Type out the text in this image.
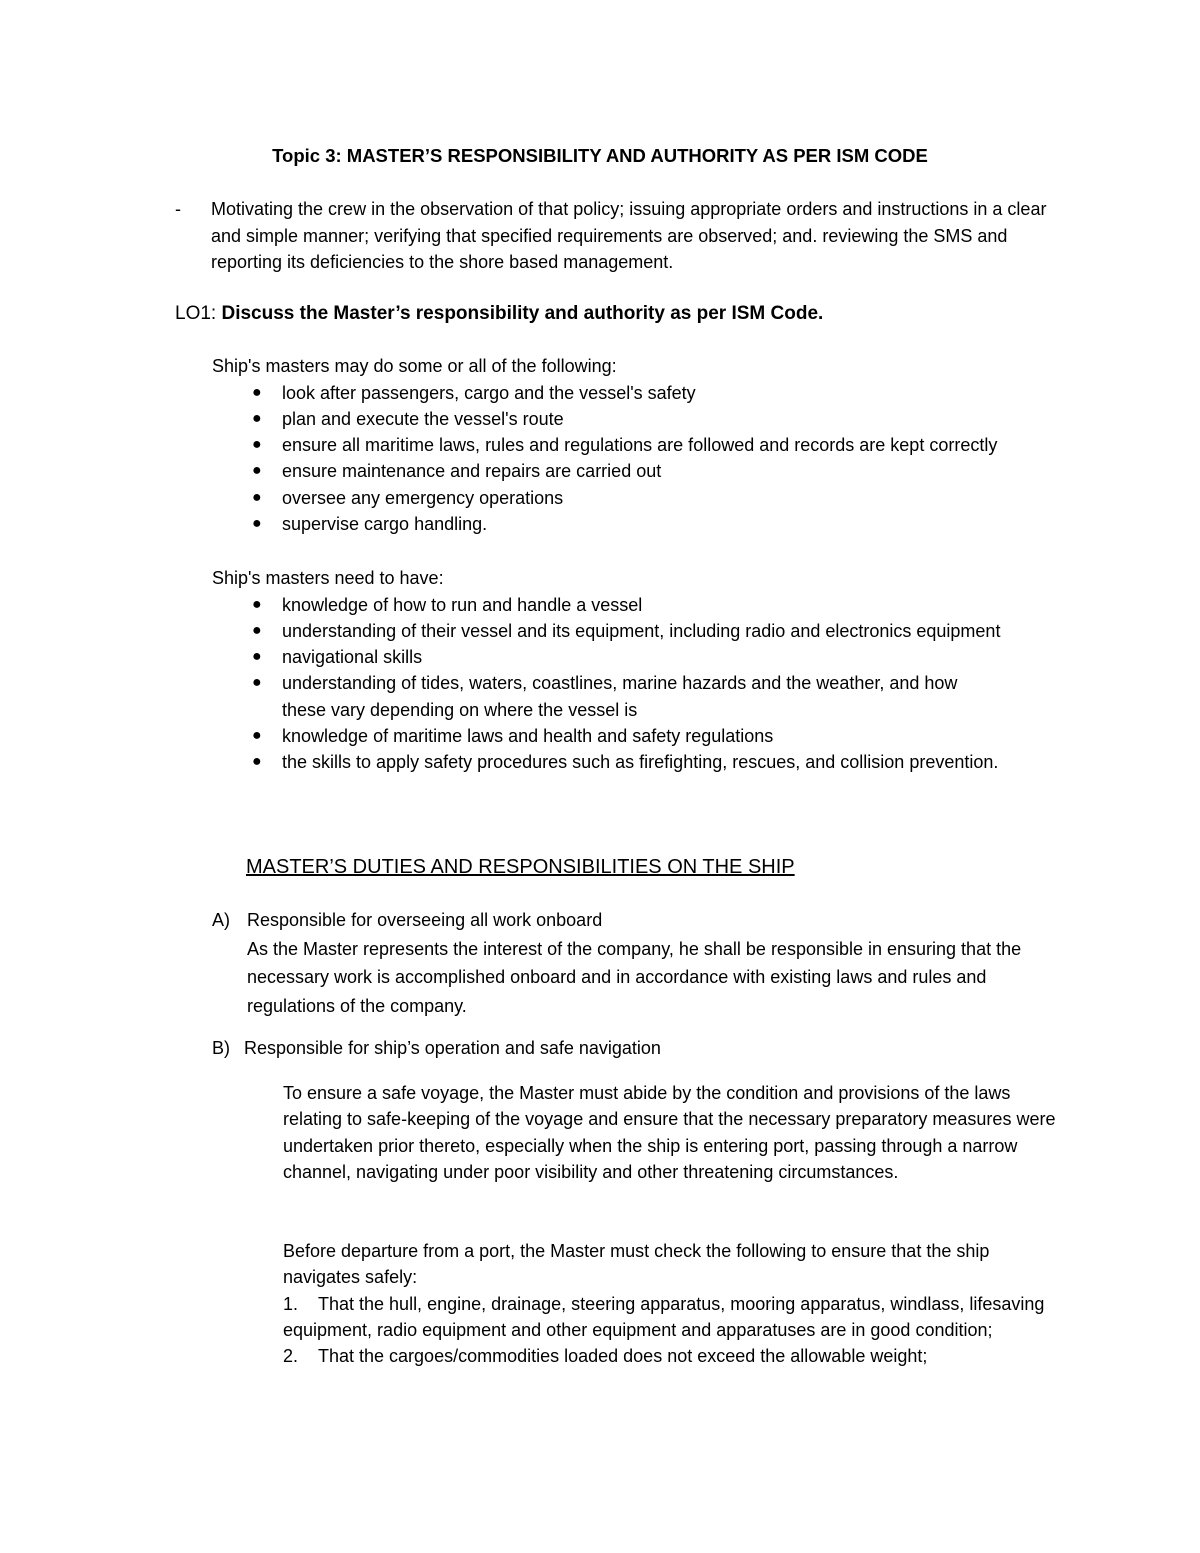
Topic 3: MASTER’S RESPONSIBILITY AND AUTHORITY AS PER ISM CODE
- Motivating the crew in the observation of that policy; issuing appropriate orders and instructions in a clear and simple manner; verifying that specified requirements are observed; and. reviewing the SMS and reporting its deficiencies to the shore based management.
LO1: Discuss the Master’s responsibility and authority as per ISM Code.
Ship's masters may do some or all of the following:
● look after passengers, cargo and the vessel's safety
● plan and execute the vessel's route
● ensure all maritime laws, rules and regulations are followed and records are kept correctly
● ensure maintenance and repairs are carried out
● oversee any emergency operations
● supervise cargo handling.
Ship's masters need to have:
● knowledge of how to run and handle a vessel
● understanding of their vessel and its equipment, including radio and electronics equipment
● navigational skills
● understanding of tides, waters, coastlines, marine hazards and the weather, and how these vary depending on where the vessel is
● knowledge of maritime laws and health and safety regulations
● the skills to apply safety procedures such as firefighting, rescues, and collision prevention.
MASTER’S DUTIES AND RESPONSIBILITIES ON THE SHIP
A) Responsible for overseeing all work onboard
As the Master represents the interest of the company, he shall be responsible in ensuring that the necessary work is accomplished onboard and in accordance with existing laws and rules and regulations of the company.
B) Responsible for ship’s operation and safe navigation
To ensure a safe voyage, the Master must abide by the condition and provisions of the laws relating to safe-keeping of the voyage and ensure that the necessary preparatory measures were undertaken prior thereto, especially when the ship is entering port, passing through a narrow channel, navigating under poor visibility and other threatening circumstances.
Before departure from a port, the Master must check the following to ensure that the ship navigates safely:
1. That the hull, engine, drainage, steering apparatus, mooring apparatus, windlass, lifesaving equipment, radio equipment and other equipment and apparatuses are in good condition;
2. That the cargoes/commodities loaded does not exceed the allowable weight;
